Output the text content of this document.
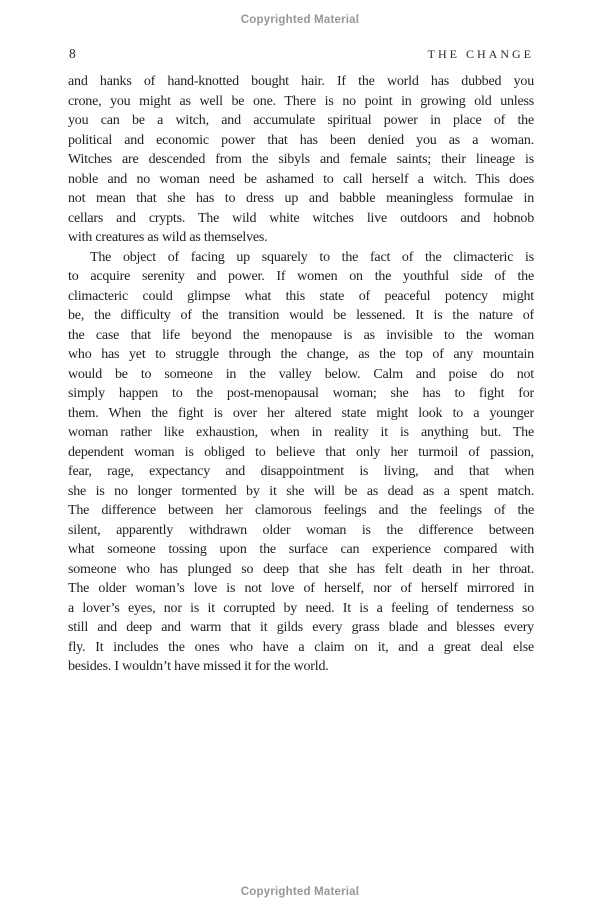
Copyrighted Material
8	THE CHANGE
and hanks of hand-knotted bought hair. If the world has dubbed you
crone, you might as well be one. There is no point in growing old unless
you can be a witch, and accumulate spiritual power in place of the
political and economic power that has been denied you as a woman.
Witches are descended from the sibyls and female saints; their lineage is
noble and no woman need be ashamed to call herself a witch. This does
not mean that she has to dress up and babble meaningless formulae in
cellars and crypts. The wild white witches live outdoors and hobnob
with creatures as wild as themselves.
The object of facing up squarely to the fact of the climacteric is
to acquire serenity and power. If women on the youthful side of the
climacteric could glimpse what this state of peaceful potency might
be, the difficulty of the transition would be lessened. It is the nature of
the case that life beyond the menopause is as invisible to the woman
who has yet to struggle through the change, as the top of any mountain
would be to someone in the valley below. Calm and poise do not
simply happen to the post-menopausal woman; she has to fight for
them. When the fight is over her altered state might look to a younger
woman rather like exhaustion, when in reality it is anything but. The
dependent woman is obliged to believe that only her turmoil of passion,
fear, rage, expectancy and disappointment is living, and that when
she is no longer tormented by it she will be as dead as a spent match.
The difference between her clamorous feelings and the feelings of the
silent, apparently withdrawn older woman is the difference between
what someone tossing upon the surface can experience compared with
someone who has plunged so deep that she has felt death in her throat.
The older woman’s love is not love of herself, nor of herself mirrored in
a lover’s eyes, nor is it corrupted by need. It is a feeling of tenderness so
still and deep and warm that it gilds every grass blade and blesses every
fly. It includes the ones who have a claim on it, and a great deal else
besides. I wouldn’t have missed it for the world.
Copyrighted Material
